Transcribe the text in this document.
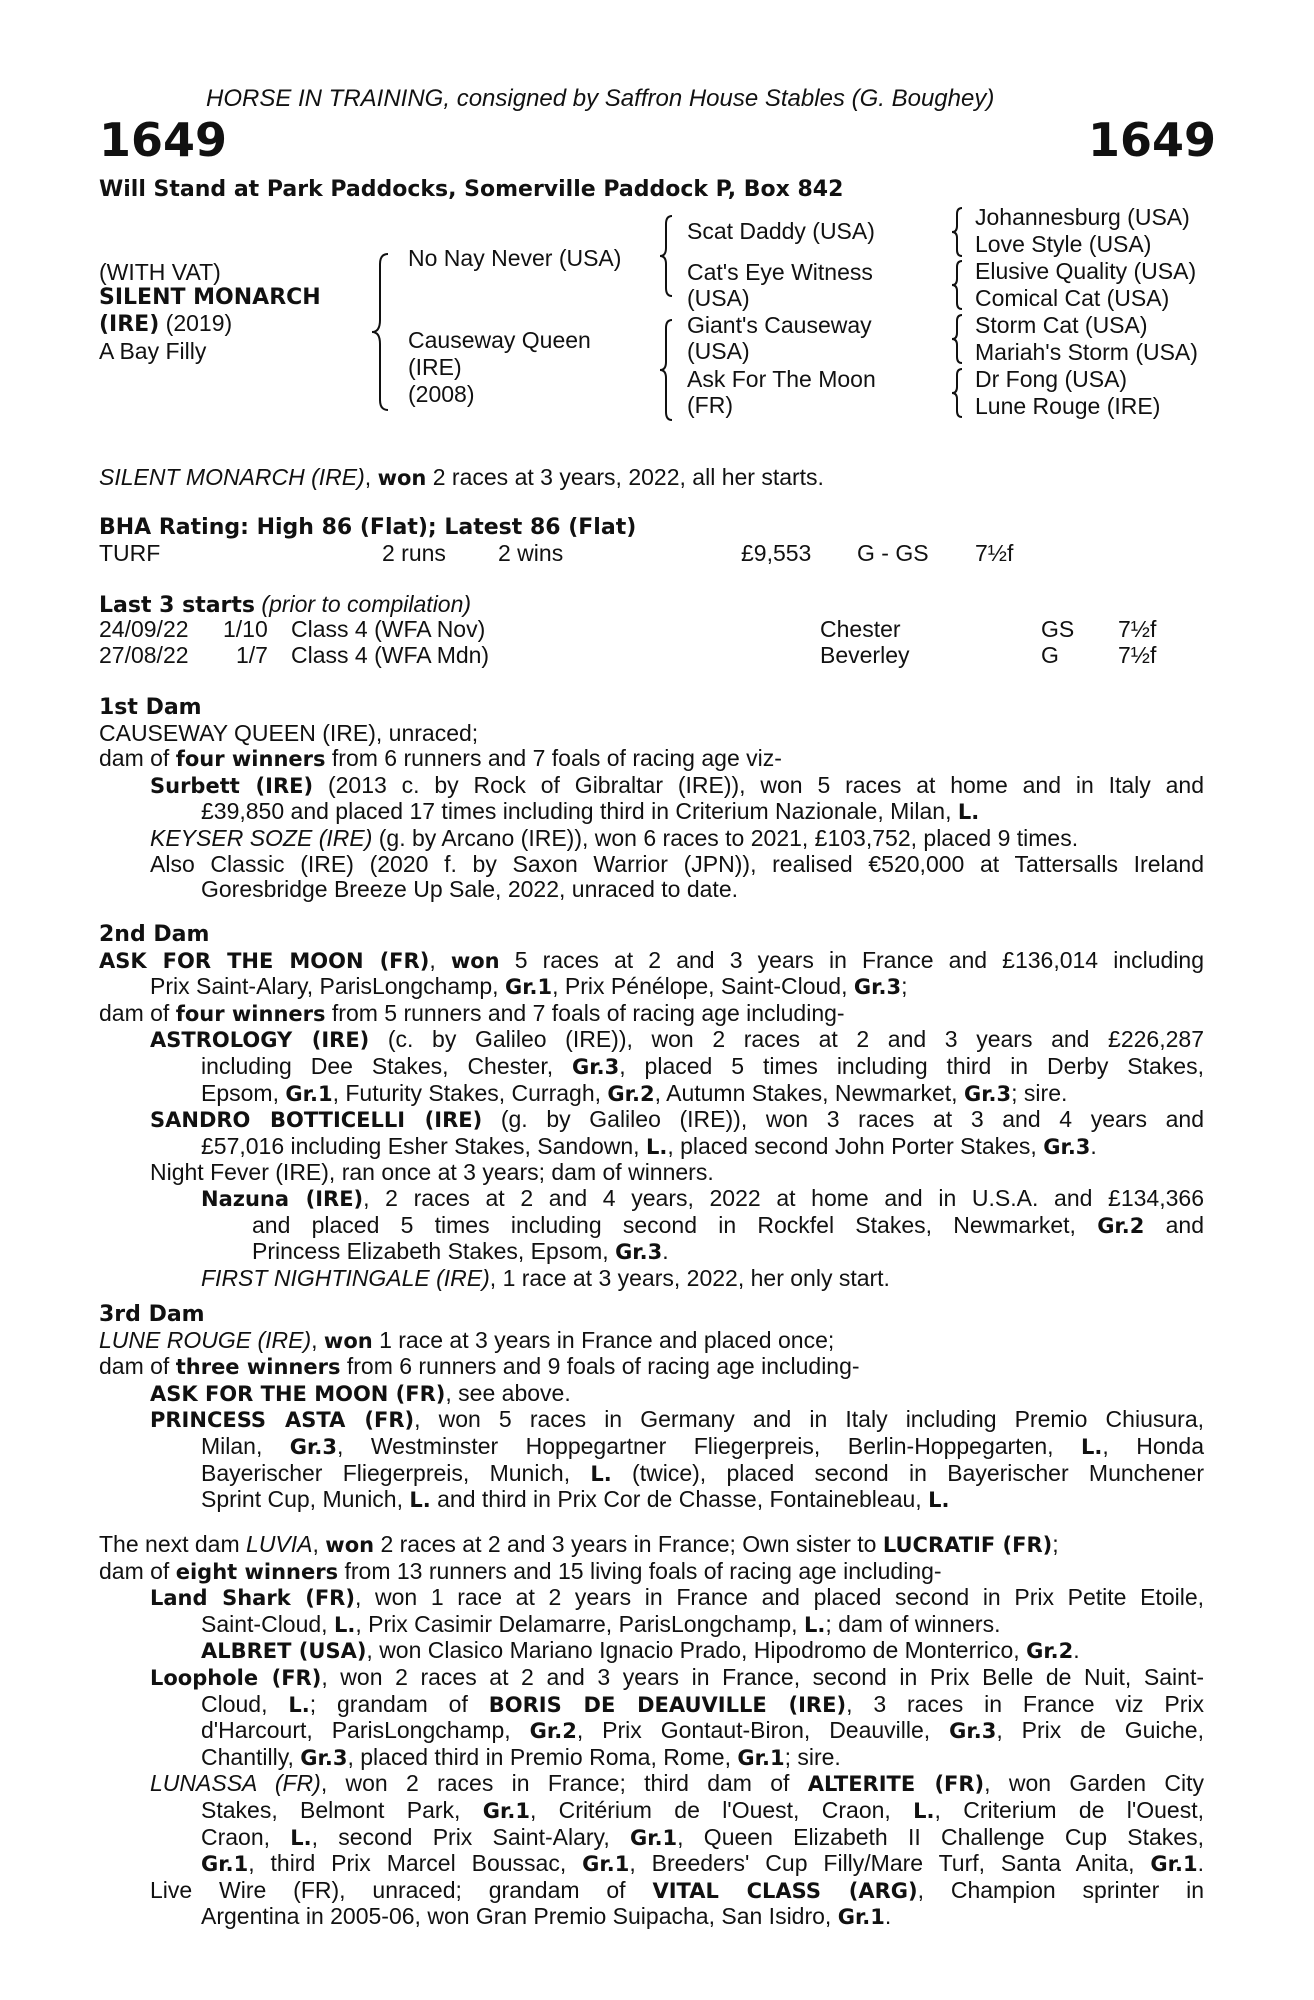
HORSE IN TRAINING, consigned by Saffron House Stables (G. Boughey)
1649	1649
Will Stand at Park Paddocks, Somerville Paddock P, Box 842
(WITH VAT)
SILENT MONARCH
(IRE) (2019)
A Bay Filly
No Nay Never (USA)
Causeway Queen
(IRE)
(2008)
Scat Daddy (USA)
Cat's Eye Witness
(USA)
Giant's Causeway
(USA)
Ask For The Moon
(FR)
Johannesburg (USA)
Love Style (USA)
Elusive Quality (USA)
Comical Cat (USA)
Storm Cat (USA)
Mariah's Storm (USA)
Dr Fong (USA)
Lune Rouge (IRE)
SILENT MONARCH (IRE), won 2 races at 3 years, 2022, all her starts.
BHA Rating: High 86 (Flat); Latest 86 (Flat)
TURF	2 runs 2 wins	£9,553 G - GS 7½f
Last 3 starts (prior to compilation)
24/09/22 1/10 Class 4 (WFA Nov)	Chester	GS 7½f
27/08/22 1/7 Class 4 (WFA Mdn)	Beverley	G	7½f
1st Dam
CAUSEWAY QUEEN (IRE), unraced;
dam of four winners from 6 runners and 7 foals of racing age viz-
Surbett (IRE) (2013 c. by Rock of Gibraltar (IRE)), won 5 races at home and in Italy and
£39,850 and placed 17 times including third in Criterium Nazionale, Milan, L.
KEYSER SOZE (IRE) (g. by Arcano (IRE)), won 6 races to 2021, £103,752, placed 9 times.
Also Classic (IRE) (2020 f. by Saxon Warrior (JPN)), realised €520,000 at Tattersalls Ireland
Goresbridge Breeze Up Sale, 2022, unraced to date.
2nd Dam
ASK FOR THE MOON (FR), won 5 races at 2 and 3 years in France and £136,014 including
Prix Saint-Alary, ParisLongchamp, Gr.1, Prix Pénélope, Saint-Cloud, Gr.3;
dam of four winners from 5 runners and 7 foals of racing age including-
ASTROLOGY (IRE) (c. by Galileo (IRE)), won 2 races at 2 and 3 years and £226,287
including Dee Stakes, Chester, Gr.3, placed 5 times including third in Derby Stakes,
Epsom, Gr.1, Futurity Stakes, Curragh, Gr.2, Autumn Stakes, Newmarket, Gr.3; sire.
SANDRO BOTTICELLI (IRE) (g. by Galileo (IRE)), won 3 races at 3 and 4 years and
£57,016 including Esher Stakes, Sandown, L., placed second John Porter Stakes, Gr.3.
Night Fever (IRE), ran once at 3 years; dam of winners.
Nazuna (IRE), 2 races at 2 and 4 years, 2022 at home and in U.S.A. and £134,366
and placed 5 times including second in Rockfel Stakes, Newmarket, Gr.2 and
Princess Elizabeth Stakes, Epsom, Gr.3.
FIRST NIGHTINGALE (IRE), 1 race at 3 years, 2022, her only start.
3rd Dam
LUNE ROUGE (IRE), won 1 race at 3 years in France and placed once;
dam of three winners from 6 runners and 9 foals of racing age including-
ASK FOR THE MOON (FR), see above.
PRINCESS ASTA (FR), won 5 races in Germany and in Italy including Premio Chiusura,
Milan, Gr.3, Westminster Hoppegartner Fliegerpreis, Berlin-Hoppegarten, L., Honda
Bayerischer Fliegerpreis, Munich, L. (twice), placed second in Bayerischer Munchener
Sprint Cup, Munich, L. and third in Prix Cor de Chasse, Fontainebleau, L.
The next dam LUVIA, won 2 races at 2 and 3 years in France; Own sister to LUCRATIF (FR);
dam of eight winners from 13 runners and 15 living foals of racing age including-
Land Shark (FR), won 1 race at 2 years in France and placed second in Prix Petite Etoile,
Saint-Cloud, L., Prix Casimir Delamarre, ParisLongchamp, L.; dam of winners.
ALBRET (USA), won Clasico Mariano Ignacio Prado, Hipodromo de Monterrico, Gr.2.
Loophole (FR), won 2 races at 2 and 3 years in France, second in Prix Belle de Nuit, Saint-
Cloud, L.; grandam of BORIS DE DEAUVILLE (IRE), 3 races in France viz Prix
d'Harcourt, ParisLongchamp, Gr.2, Prix Gontaut-Biron, Deauville, Gr.3, Prix de Guiche,
Chantilly, Gr.3, placed third in Premio Roma, Rome, Gr.1; sire.
LUNASSA (FR), won 2 races in France; third dam of ALTERITE (FR), won Garden City
Stakes, Belmont Park, Gr.1, Critérium de l'Ouest, Craon, L., Criterium de l'Ouest,
Craon, L., second Prix Saint-Alary, Gr.1, Queen Elizabeth II Challenge Cup Stakes,
Gr.1, third Prix Marcel Boussac, Gr.1, Breeders' Cup Filly/Mare Turf, Santa Anita, Gr.1.
Live Wire (FR), unraced; grandam of VITAL CLASS (ARG), Champion sprinter in
Argentina in 2005-06, won Gran Premio Suipacha, San Isidro, Gr.1.
